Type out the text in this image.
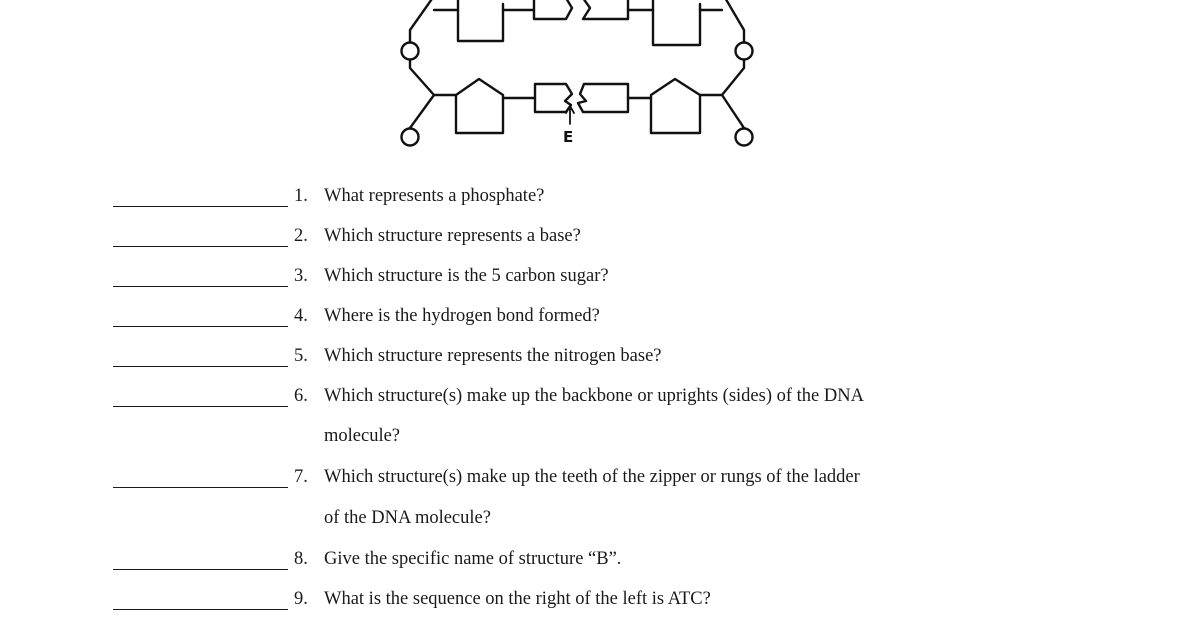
E
1. What represents a phosphate?
2. Which structure represents a base?
3. Which structure is the 5 carbon sugar?
4. Where is the hydrogen bond formed?
5. Which structure represents the nitrogen base?
6. Which structure(s) make up the backbone or uprights (sides) of the DNA
molecule?
7. Which structure(s) make up the teeth of the zipper or rungs of the ladder
of the DNA molecule?
8. Give the specific name of structure “B”.
9. What is the sequence on the right of the left is ATC?
